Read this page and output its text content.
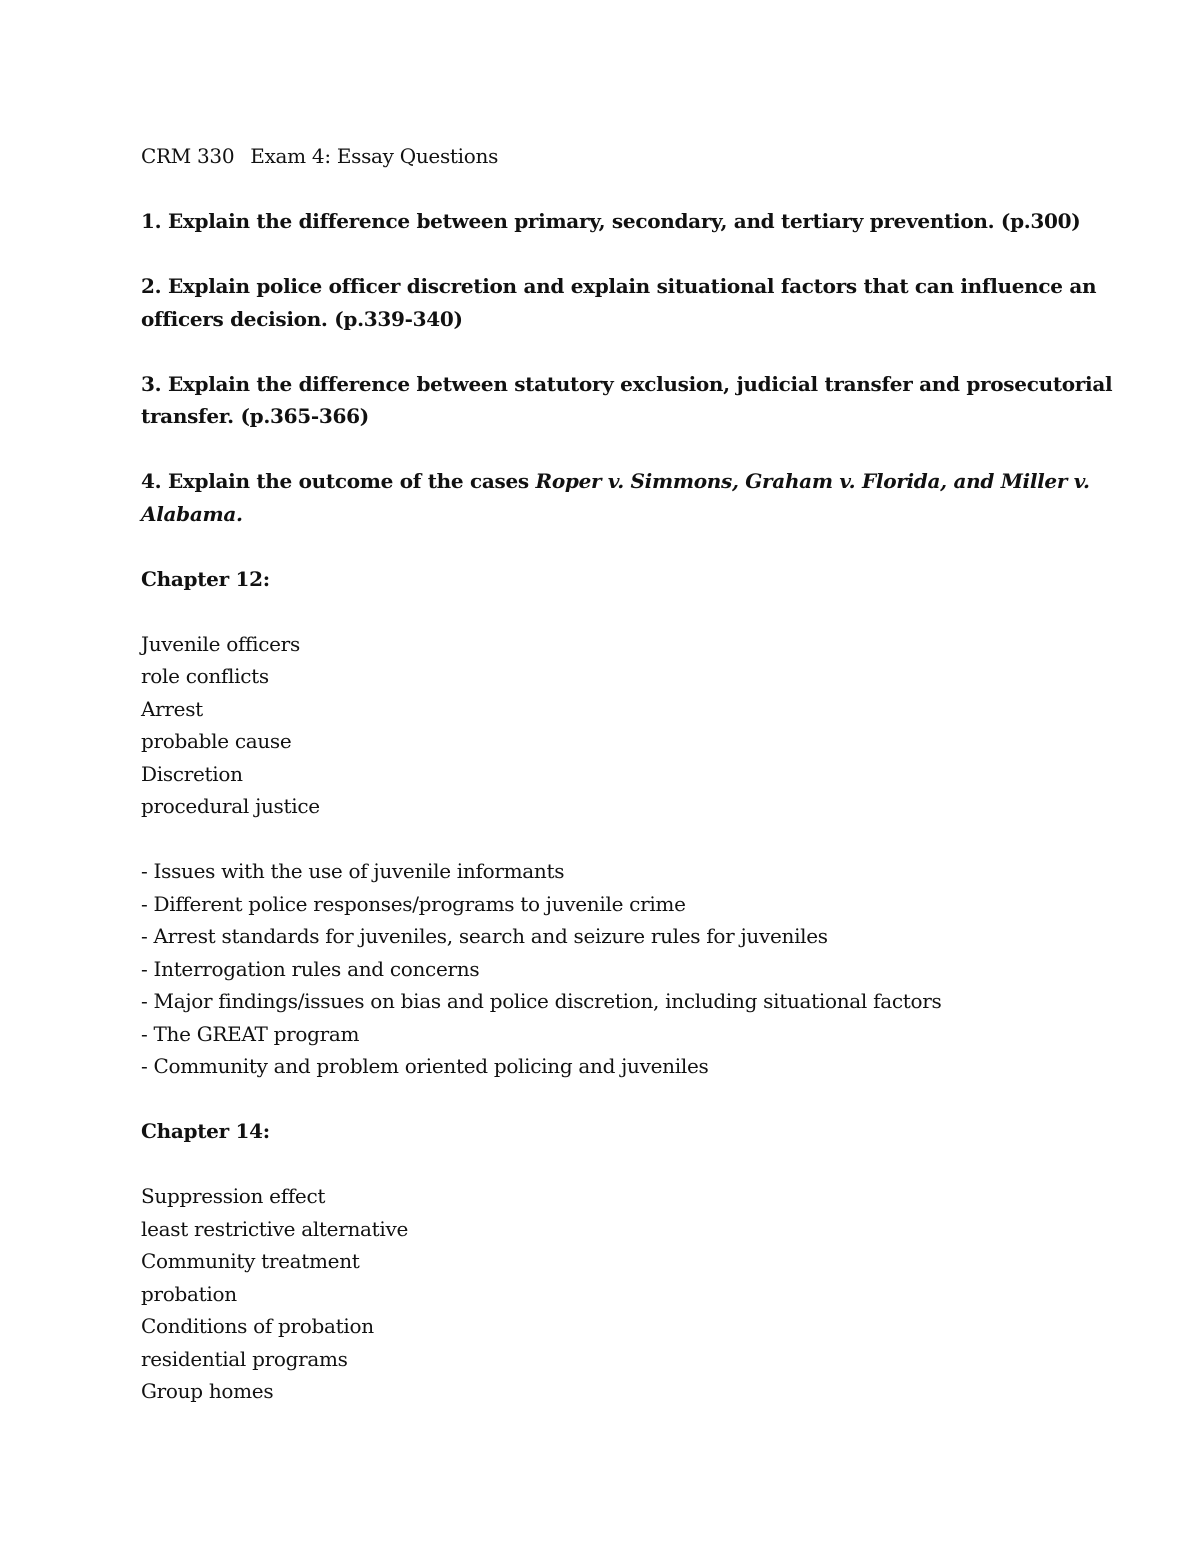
CRM 330 Exam 4: Essay Questions
1. Explain the difference between primary, secondary, and tertiary prevention. (p.300)
2. Explain police officer discretion and explain situational factors that can influence an
officers decision. (p.339-340)
3. Explain the difference between statutory exclusion, judicial transfer and prosecutorial
transfer. (p.365-366)
4. Explain the outcome of the cases Roper v. Simmons, Graham v. Florida, and Miller v.
Alabama.
Chapter 12:
Juvenile officers
role conflicts
Arrest
probable cause
Discretion
procedural justice
- Issues with the use of juvenile informants
- Different police responses/programs to juvenile crime
- Arrest standards for juveniles, search and seizure rules for juveniles
- Interrogation rules and concerns
- Major findings/issues on bias and police discretion, including situational factors
- The GREAT program
- Community and problem oriented policing and juveniles
Chapter 14:
Suppression effect
least restrictive alternative
Community treatment
probation
Conditions of probation
residential programs
Group homes
